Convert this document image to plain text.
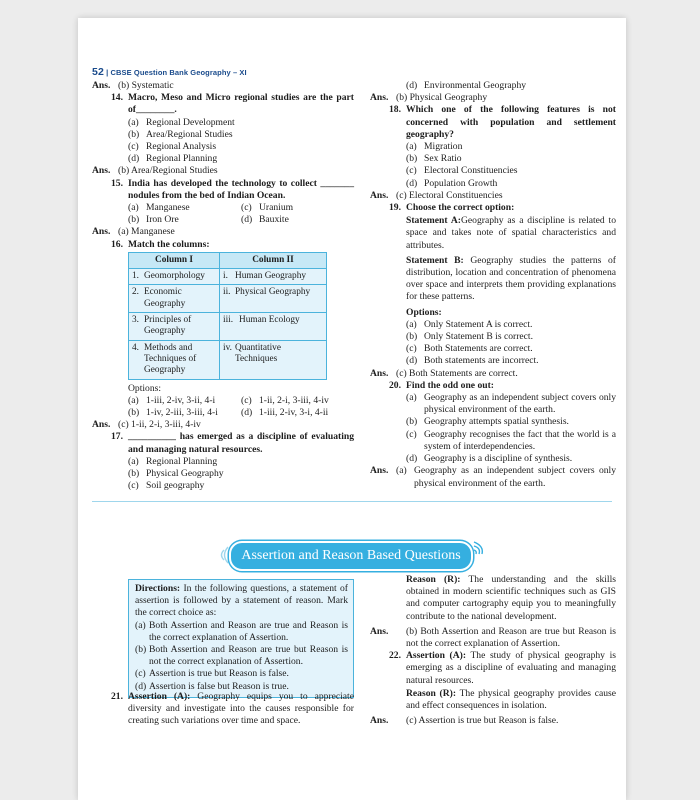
52 | CBSE Question Bank Geography – XI
Ans. (b) Systematic
14. Macro, Meso and Micro regional studies are the part of________.
(a) Regional Development
(b) Area/Regional Studies
(c) Regional Analysis
(d) Regional Planning
Ans. (b) Area/Regional Studies
15. India has developed the technology to collect _______ nodules from the bed of Indian Ocean.
(a) Manganese	(c) Uranium
(b) Iron Ore	(d) Bauxite
Ans. (a) Manganese
16. Match the columns:
Column I	Column II

1. Geomorphology	i. Human Geography

2. Economic Geography	ii. Physical Geography

3. Principles of Geography	iii. Human Ecology

4. Methods and Techniques of Geography	iv. Quantitative Techniques
Options:
(a) 1-iii, 2-iv, 3-ii, 4-i	(c) 1-ii, 2-i, 3-iii, 4-iv
(b) 1-iv, 2-iii, 3-iii, 4-i (d) 1-iii, 2-iv, 3-i, 4-ii
Ans. (c) 1-ii, 2-i, 3-iii, 4-iv
17. __________ has emerged as a discipline of evaluating and managing natural resources.
(a) Regional Planning
(b) Physical Geography
(c) Soil geography
(d) Environmental Geography
Ans. (b) Physical Geography
18. Which one of the following features is not concerned with population and settlement geography?
(a) Migration
(b) Sex Ratio
(c) Electoral Constituencies
(d) Population Growth
Ans. (c) Electoral Constituencies
19. Choose the correct option:
Statement A:Geography as a discipline is related to space and takes note of spatial characteristics and attributes.
Statement B: Geography studies the patterns of distribution, location and concentration of phenomena over space and interprets them providing explanations for these patterns.
Options:
(a) Only Statement A is correct.
(b) Only Statement B is correct.
(c) Both Statements are correct.
(d) Both statements are incorrect.
Ans. (c) Both Statements are correct.
20. Find the odd one out:
(a) Geography as an independent subject covers only physical environment of the earth.
(b) Geography attempts spatial synthesis.
(c) Geography recognises the fact that the world is a system of interdependencies.
(d) Geography is a discipline of synthesis.
Ans. (a) Geography as an independent subject covers only physical environment of the earth.
Assertion and Reason Based Questions
Directions: In the following questions, a statement of assertion is followed by a statement of reason. Mark the correct choice as:
(a) Both Assertion and Reason are true and Reason is the correct explanation of Assertion.
(b) Both Assertion and Reason are true but Reason is not the correct explanation of Assertion.
(c) Assertion is true but Reason is false.
(d) Assertion is false but Reason is true.
21. Assertion (A): Geography equips you to appreciate diversity and investigate into the causes responsible for creating such variations over time and space.
Reason (R): The understanding and the skills obtained in modern scientific techniques such as GIS and computer cartography equip you to meaningfully contribute to the national development.
Ans.	(b) Both Assertion and Reason are true but Reason is not the correct explanation of Assertion.
22. Assertion (A): The study of physical geography is emerging as a discipline of evaluating and managing natural resources.
Reason (R): The physical geography provides cause and effect consequences in isolation.
Ans.	(c) Assertion is true but Reason is false.
